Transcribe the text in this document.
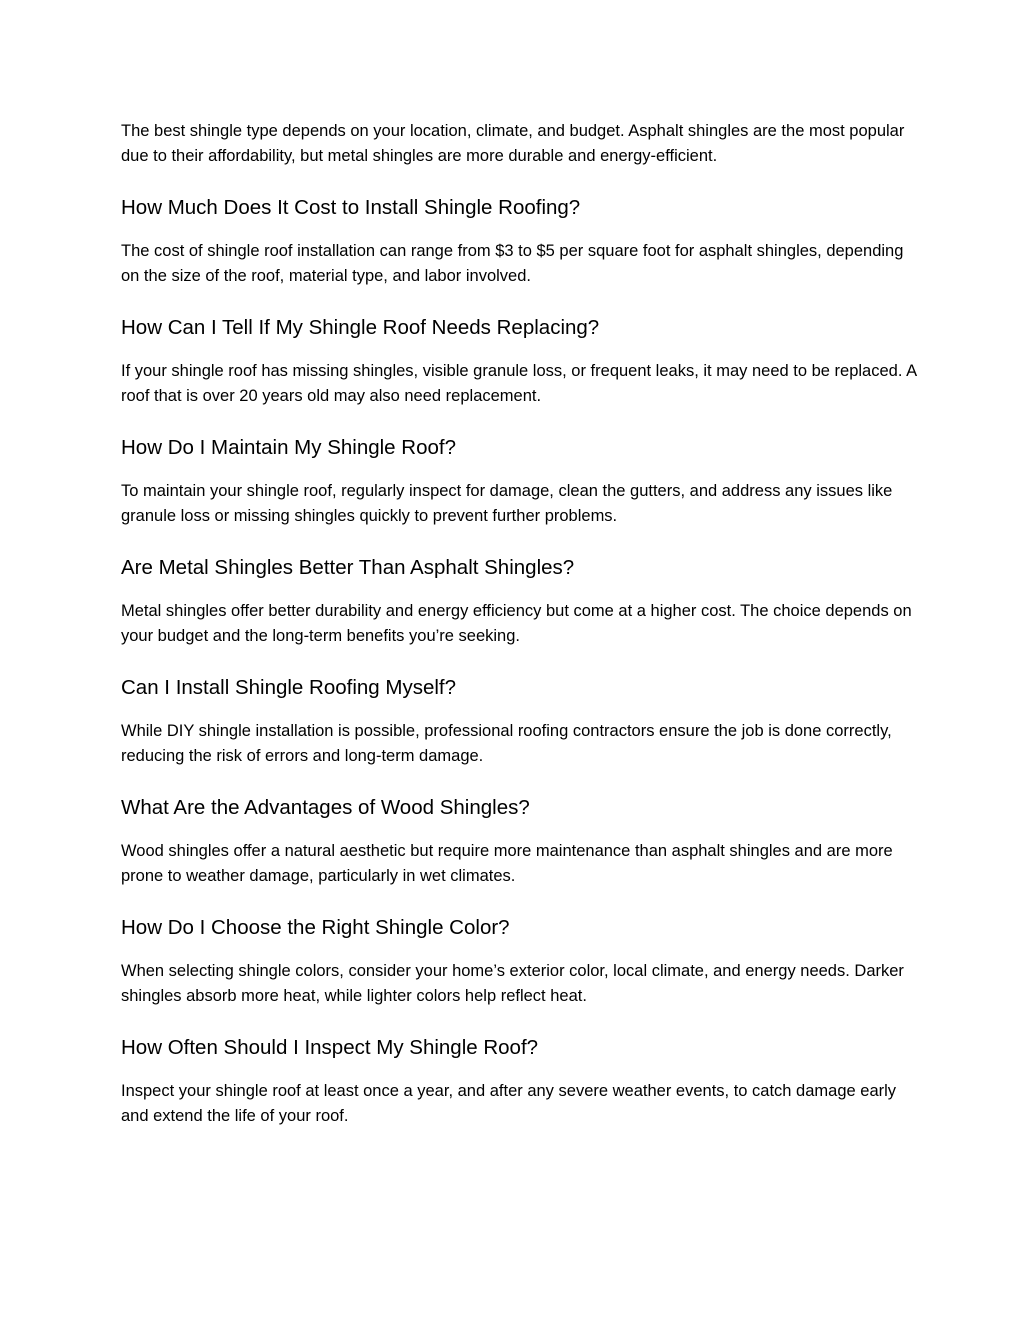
The best shingle type depends on your location, climate, and budget. Asphalt shingles are the most popular due to their affordability, but metal shingles are more durable and energy-efficient.

How Much Does It Cost to Install Shingle Roofing?

The cost of shingle roof installation can range from $3 to $5 per square foot for asphalt shingles, depending on the size of the roof, material type, and labor involved.

How Can I Tell If My Shingle Roof Needs Replacing?

If your shingle roof has missing shingles, visible granule loss, or frequent leaks, it may need to be replaced. A roof that is over 20 years old may also need replacement.

How Do I Maintain My Shingle Roof?

To maintain your shingle roof, regularly inspect for damage, clean the gutters, and address any issues like granule loss or missing shingles quickly to prevent further problems.

Are Metal Shingles Better Than Asphalt Shingles?

Metal shingles offer better durability and energy efficiency but come at a higher cost. The choice depends on your budget and the long-term benefits you’re seeking.

Can I Install Shingle Roofing Myself?

While DIY shingle installation is possible, professional roofing contractors ensure the job is done correctly, reducing the risk of errors and long-term damage.

What Are the Advantages of Wood Shingles?

Wood shingles offer a natural aesthetic but require more maintenance than asphalt shingles and are more prone to weather damage, particularly in wet climates.

How Do I Choose the Right Shingle Color?

When selecting shingle colors, consider your home’s exterior color, local climate, and energy needs. Darker shingles absorb more heat, while lighter colors help reflect heat.

How Often Should I Inspect My Shingle Roof?

Inspect your shingle roof at least once a year, and after any severe weather events, to catch damage early and extend the life of your roof.
